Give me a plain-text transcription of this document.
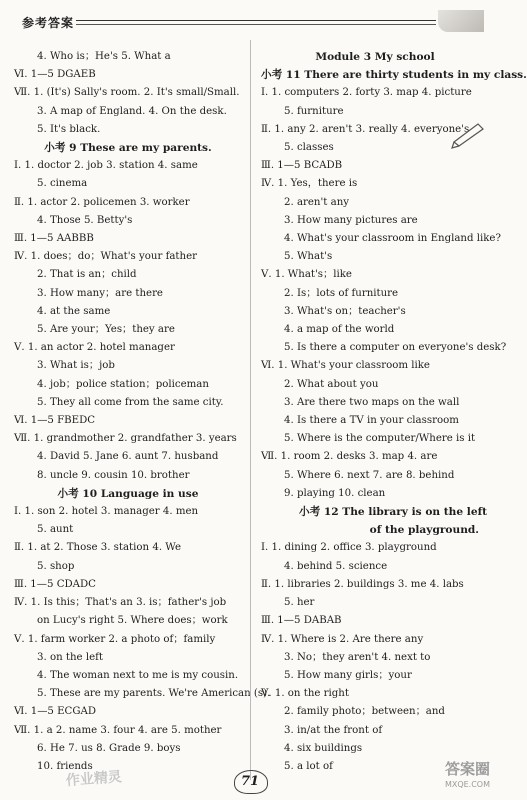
参考答案
4. Who is；He's 5. What a
Ⅵ. 1—5 DGAEB
Ⅶ. 1. (It's) Sally's room. 2. It's small/Small.
3. A map of England. 4. On the desk.
5. It's black.
小考 9 These are my parents.
Ⅰ. 1. doctor 2. job 3. station 4. same
5. cinema
Ⅱ. 1. actor 2. policemen 3. worker
4. Those 5. Betty's
Ⅲ. 1—5 AABBB
Ⅳ. 1. does；do；What's your father
2. That is an；child
3. How many；are there
4. at the same
5. Are your；Yes；they are
Ⅴ. 1. an actor 2. hotel manager
3. What is；job
4. job；police station；policeman
5. They all come from the same city.
Ⅵ. 1—5 FBEDC
Ⅶ. 1. grandmother 2. grandfather 3. years
4. David 5. Jane 6. aunt 7. husband
8. uncle 9. cousin 10. brother
小考 10 Language in use
Ⅰ. 1. son 2. hotel 3. manager 4. men
5. aunt
Ⅱ. 1. at 2. Those 3. station 4. We
5. shop
Ⅲ. 1—5 CDADC
Ⅳ. 1. Is this；That's an 3. is；father's job
on Lucy's right 5. Where does；work
Ⅴ. 1. farm worker 2. a photo of；family
3. on the left
4. The woman next to me is my cousin.
5. These are my parents. We're American (s).
Ⅵ. 1—5 ECGAD
Ⅶ. 1. a 2. name 3. four 4. are 5. mother
6. He 7. us 8. Grade 9. boys
10. friends
Module 3 My school
小考 11 There are thirty students in my class.
Ⅰ. 1. computers 2. forty 3. map 4. picture
5. furniture
Ⅱ. 1. any 2. aren't 3. really 4. everyone's
5. classes
Ⅲ. 1—5 BCADB
Ⅳ. 1. Yes，there is
2. aren't any
3. How many pictures are
4. What's your classroom in England like?
5. What's
Ⅴ. 1. What's；like
2. Is；lots of furniture
3. What's on；teacher's
4. a map of the world
5. Is there a computer on everyone's desk?
Ⅵ. 1. What's your classroom like
2. What about you
3. Are there two maps on the wall
4. Is there a TV in your classroom
5. Where is the computer/Where is it
Ⅶ. 1. room 2. desks 3. map 4. are
5. Where 6. next 7. are 8. behind
9. playing 10. clean
小考 12 The library is on the left
of the playground.
Ⅰ. 1. dining 2. office 3. playground
4. behind 5. science
Ⅱ. 1. libraries 2. buildings 3. me 4. labs
5. her
Ⅲ. 1—5 DABAB
Ⅳ. 1. Where is 2. Are there any
3. No；they aren't 4. next to
5. How many girls；your
Ⅴ. 1. on the right
2. family photo；between；and
3. in/at the front of
4. six buildings
5. a lot of
作业精灵	71
答案圈
MXQE.COM
